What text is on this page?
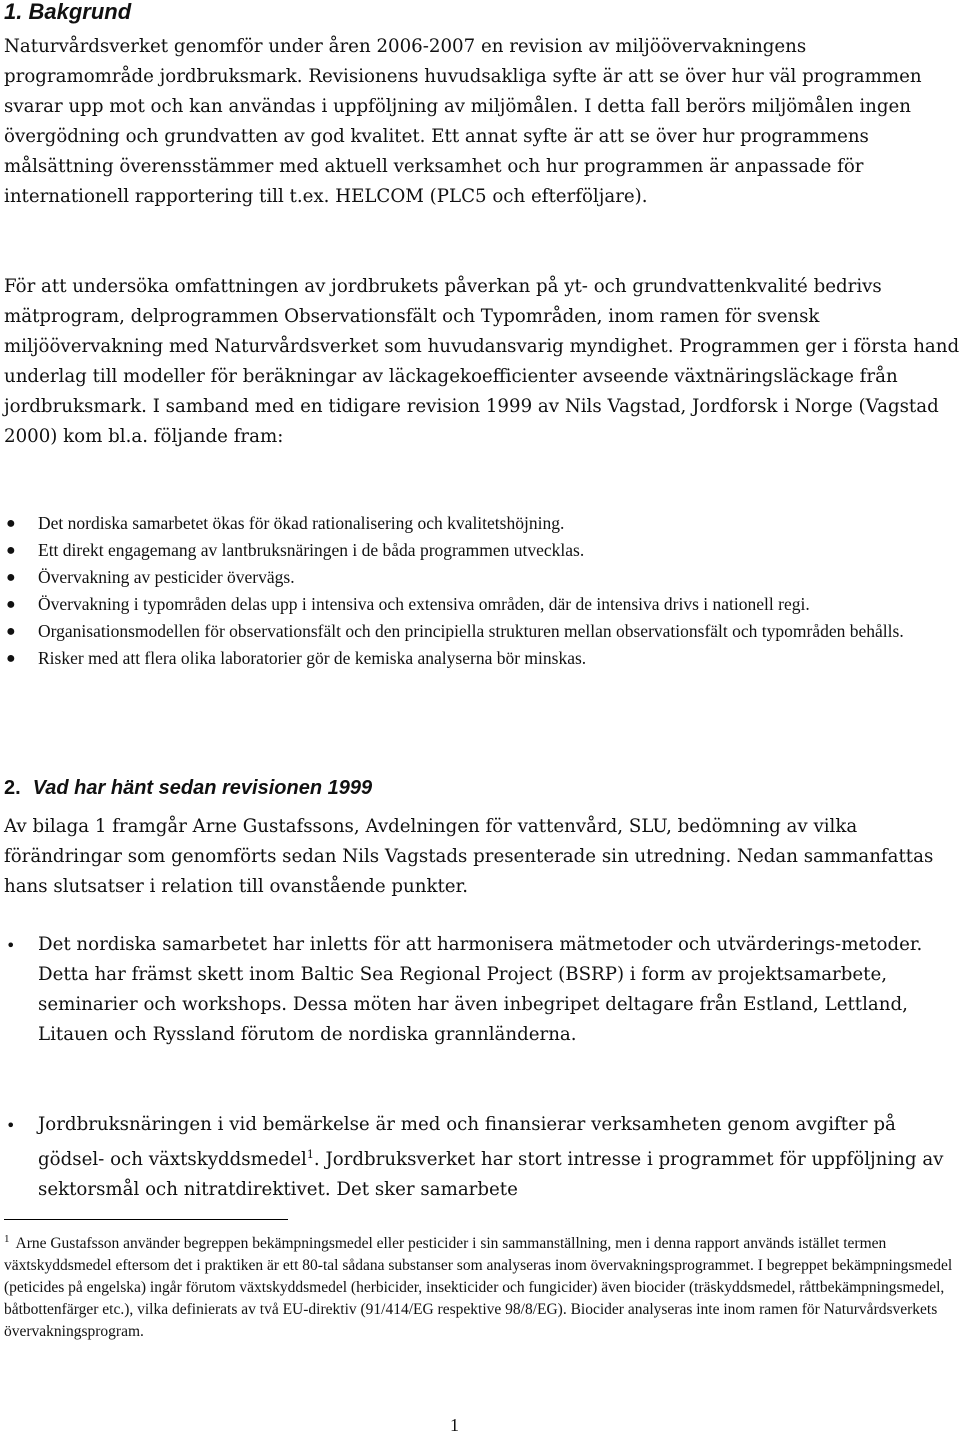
1. Bakgrund

Naturvårdsverket genomför under åren 2006-2007 en revision av miljöövervakningens programområde jordbruksmark. Revisionens huvudsakliga syfte är att se över hur väl programmen svarar upp mot och kan användas i uppföljning av miljömålen. I detta fall berörs miljömålen ingen övergödning och grundvatten av god kvalitet. Ett annat syfte är att se över hur programmens målsättning överensstämmer med aktuell verksamhet och hur programmen är anpassade för internationell rapportering till t.ex. HELCOM (PLC5 och efterföljare).

För att undersöka omfattningen av jordbrukets påverkan på yt- och grundvattenkvalité bedrivs mätprogram, delprogrammen Observationsfält och Typområden, inom ramen för svensk miljöövervakning med Naturvårdsverket som huvudansvarig myndighet. Programmen ger i första hand underlag till modeller för beräkningar av läckagekoefficienter avseende växtnäringsläckage från jordbruksmark. I samband med en tidigare revision 1999 av Nils Vagstad, Jordforsk i Norge (Vagstad 2000) kom bl.a. följande fram:

● Det nordiska samarbetet ökas för ökad rationalisering och kvalitetshöjning.
● Ett direkt engagemang av lantbruksnäringen i de båda programmen utvecklas.
● Övervakning av pesticider övervägs.
● Övervakning i typområden delas upp i intensiva och extensiva områden, där de intensiva drivs i nationell regi.
● Organisationsmodellen för observationsfält och den principiella strukturen mellan observationsfält och typområden behålls.
● Risker med att flera olika laboratorier gör de kemiska analyserna bör minskas.
2. Vad har hänt sedan revisionen 1999

Av bilaga 1 framgår Arne Gustafssons, Avdelningen för vattenvård, SLU, bedömning av vilka förändringar som genomförts sedan Nils Vagstads presenterade sin utredning. Nedan sammanfattas hans slutsatser i relation till ovanstående punkter.

• Det nordiska samarbetet har inletts för att harmonisera mätmetoder och utvärderings-metoder. Detta har främst skett inom Baltic Sea Regional Project (BSRP) i form av projektsamarbete, seminarier och workshops. Dessa möten har även inbegripet deltagare från Estland, Lettland, Litauen och Ryssland förutom de nordiska grannländerna.
• Jordbruksnäringen i vid bemärkelse är med och finansierar verksamheten genom avgifter på gödsel- och växtskyddsmedel$^1$. Jordbruksverket har stort intresse i programmet för uppföljning av sektorsmål och nitratdirektivet. Det sker samarbete

$^1$ Arne Gustafsson använder begreppen bekämpningsmedel eller pesticider i sin sammanställning, men i denna rapport används istället termen växtskyddsmedel eftersom det i praktiken är ett 80-tal sådana substanser som analyseras inom övervakningsprogrammet. I begreppet bekämpningsmedel (peticides på engelska) ingår förutom växtskyddsmedel (herbicider, insekticider och fungicider) även biocider (träskyddsmedel, råttbekämpningsmedel, båtbottenfärger etc.), vilka definierats av två EU-direktiv (91/414/EG respektive 98/8/EG). Biocider analyseras inte inom ramen för Naturvårdsverkets övervakningsprogram.

1
